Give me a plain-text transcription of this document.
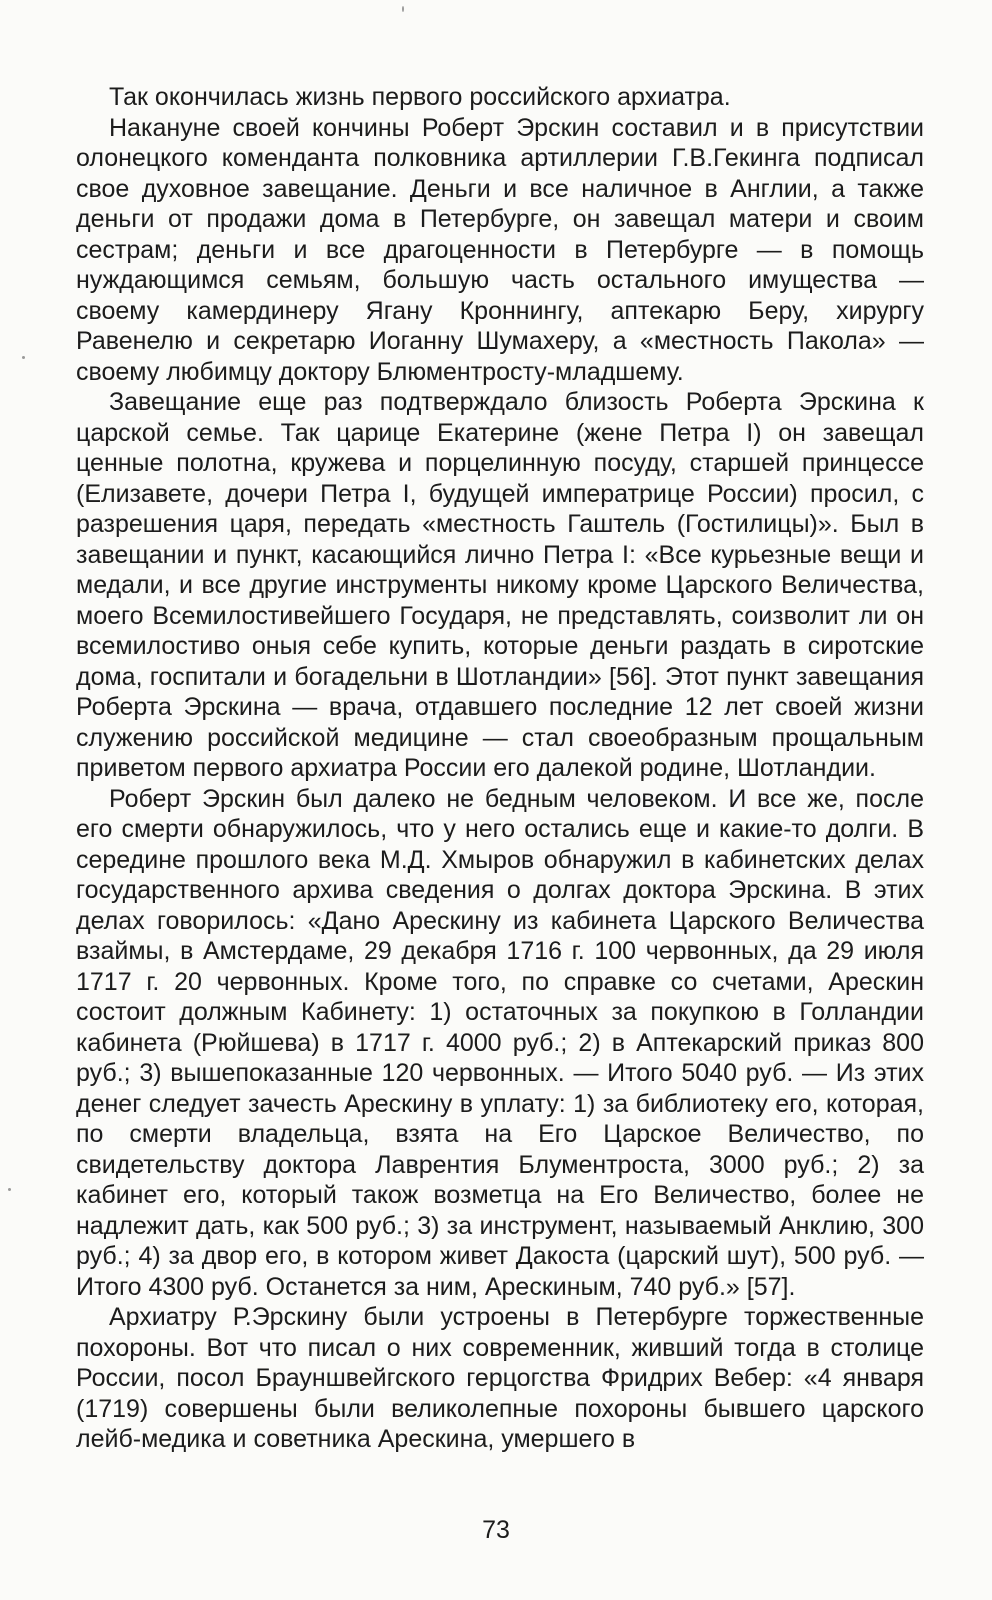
Так окончилась жизнь первого российского архиатра.

Накануне своей кончины Роберт Эрскин составил и в присутствии олонецкого коменданта полковника артиллерии Г.В.Гекинга подписал свое духовное завещание. Деньги и все наличное в Англии, а также деньги от продажи дома в Петербурге, он завещал матери и своим сестрам; деньги и все драгоценности в Петербурге — в помощь нуждающимся семьям, большую часть остального имущества — своему камердинеру Ягану Кроннингу, аптекарю Беру, хирургу Равенелю и секретарю Иоганну Шумахеру, а «местность Пакола» — своему любимцу доктору Блюментросту-младшему.

Завещание еще раз подтверждало близость Роберта Эрскина к царской семье. Так царице Екатерине (жене Петра I) он завещал ценные полотна, кружева и порцелинную посуду, старшей принцессе (Елизавете, дочери Петра I, будущей императрице России) просил, с разрешения царя, передать «местность Гаштель (Гостилицы)». Был в завещании и пункт, касающийся лично Петра I: «Все курьезные вещи и медали, и все другие инструменты никому кроме Царского Величества, моего Всемилостивейшего Государя, не представлять, соизволит ли он всемилостиво оныя себе купить, которые деньги раздать в сиротские дома, госпитали и богадельни в Шотландии» [56]. Этот пункт завещания Роберта Эрскина — врача, отдавшего последние 12 лет своей жизни служению российской медицине — стал своеобразным прощальным приветом первого архиатра России его далекой родине, Шотландии.

Роберт Эрскин был далеко не бедным человеком. И все же, после его смерти обнаружилось, что у него остались еще и какие-то долги. В середине прошлого века М.Д. Хмыров обнаружил в кабинетских делах государственного архива сведения о долгах доктора Эрскина. В этих делах говорилось: «Дано Арескину из кабинета Царского Величества взаймы, в Амстердаме, 29 декабря 1716 г. 100 червонных, да 29 июля 1717 г. 20 червонных. Кроме того, по справке со счетами, Арескин состоит должным Кабинету: 1) остаточных за покупкою в Голландии кабинета (Рюйшева) в 1717 г. 4000 руб.; 2) в Аптекарский приказ 800 руб.; 3) вышепоказанные 120 червонных. — Итого 5040 руб. — Из этих денег следует зачесть Арескину в уплату: 1) за библиотеку его, которая, по смерти владельца, взята на Его Царское Величество, по свидетельству доктора Лаврентия Блументроста, 3000 руб.; 2) за кабинет его, который також возметца на Его Величество, более не надлежит дать, как 500 руб.; 3) за инструмент, называемый Анклию, 300 руб.; 4) за двор его, в котором живет Дакоста (царский шут), 500 руб. — Итого 4300 руб. Останется за ним, Арескиным, 740 руб.» [57].

Архиатру Р.Эрскину были устроены в Петербурге торжественные похороны. Вот что писал о них современник, живший тогда в столице России, посол Брауншвейгского герцогства Фридрих Вебер: «4 января (1719) совершены были великолепные похороны бывшего царского лейб-медика и советника Арескина, умершего в

73
